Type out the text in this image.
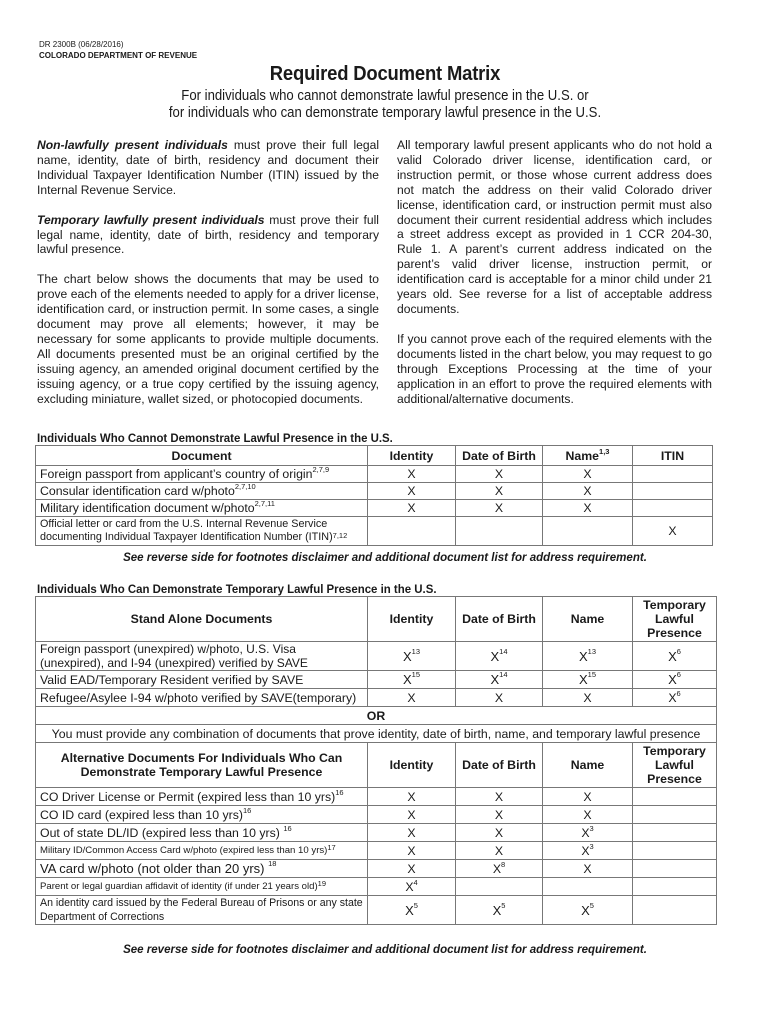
DR 2300B (06/28/2016)
COLORADO DEPARTMENT OF REVENUE
Required Document Matrix
For individuals who cannot demonstrate lawful presence in the U.S. or
for individuals who can demonstrate temporary lawful presence in the U.S.

Non-lawfully present individuals must prove their full legal name, identity, date of birth, residency and document their Individual Taxpayer Identification Number (ITIN) issued by the Internal Revenue Service.

Temporary lawfully present individuals must prove their full legal name, identity, date of birth, residency and temporary lawful presence.

The chart below shows the documents that may be used to prove each of the elements needed to apply for a driver license, identification card, or instruction permit. In some cases, a single document may prove all elements; however, it may be necessary for some applicants to provide multiple documents. All documents presented must be an original certified by the issuing agency, an amended original document certified by the issuing agency, or a true copy certified by the issuing agency, excluding miniature, wallet sized, or photocopied documents.

All temporary lawful present applicants who do not hold a valid Colorado driver license, identification card, or instruction permit, or those whose current address does not match the address on their valid Colorado driver license, identification card, or instruction permit must also document their current residential address which includes a street address except as provided in 1 CCR 204-30, Rule 1. A parent’s current address indicated on the parent’s valid driver license, instruction permit, or identification card is acceptable for a minor child under 21 years old. See reverse for a list of acceptable address documents.

If you cannot prove each of the required elements with the documents listed in the chart below, you may request to go through Exceptions Processing at the time of your application in an effort to prove the required elements with additional/alternative documents.

Individuals Who Cannot Demonstrate Lawful Presence in the U.S.
Document	Identity	Date of Birth	Name$^{1,3}$	ITIN
Foreign passport from applicant’s country of origin$^{2,7,9}$	X	X	X	
Consular identification card w/photo$^{2,7,10}$	X	X	X	
Military identification document w/photo$^{2,7,11}$	X	X	X	
Official letter or card from the U.S. Internal Revenue Service
documenting Individual Taxpayer Identification Number (ITIN)$^{7,12}$				X
See reverse side for footnotes disclaimer and additional document list for address requirement.
Individuals Who Can Demonstrate Temporary Lawful Presence in the U.S.
Stand Alone Documents	Identity	Date of Birth	Name	Temporary Lawful Presence
Foreign passport (unexpired) w/photo, U.S. Visa (unexpired), and I-94 (unexpired) verified by SAVE	$X^{13}$	$X^{14}$	$X^{13}$	$X^6$
Valid EAD/Temporary Resident verified by SAVE	$X^{15}$	$X^{14}$	$X^{15}$	$X^6$
Refugee/Asylee I-94 w/photo verified by SAVE(temporary)	X	X	X	$X^6$
OR				
You must provide any combination of documents that prove identity, date of birth, name, and temporary lawful presence				
Alternative Documents For Individuals Who Can Demonstrate Temporary Lawful Presence	Identity	Date of Birth	Name	Temporary Lawful Presence
CO Driver License or Permit (expired less than 10 yrs)$^{16}$	X	X	X	
CO ID card (expired less than 10 yrs)$^{16}$	X	X	X	
Out of state DL/ID (expired less than 10 yrs) $^{16}$	X	X	$X^3$	
Military ID/Common Access Card w/photo (expired less than 10 yrs)$^{17}$	X	X	$X^3$	
VA card w/photo (not older than 20 yrs) $^{18}$	X	$X^8$	X	
Parent or legal guardian affidavit of identity (if under 21 years old)$^{19}$	$X^4$			
An identity card issued by the Federal Bureau of Prisons or any state Department of Corrections	$X^5$	$X^5$	$X^5$	
See reverse side for footnotes disclaimer and additional document list for address requirement.
